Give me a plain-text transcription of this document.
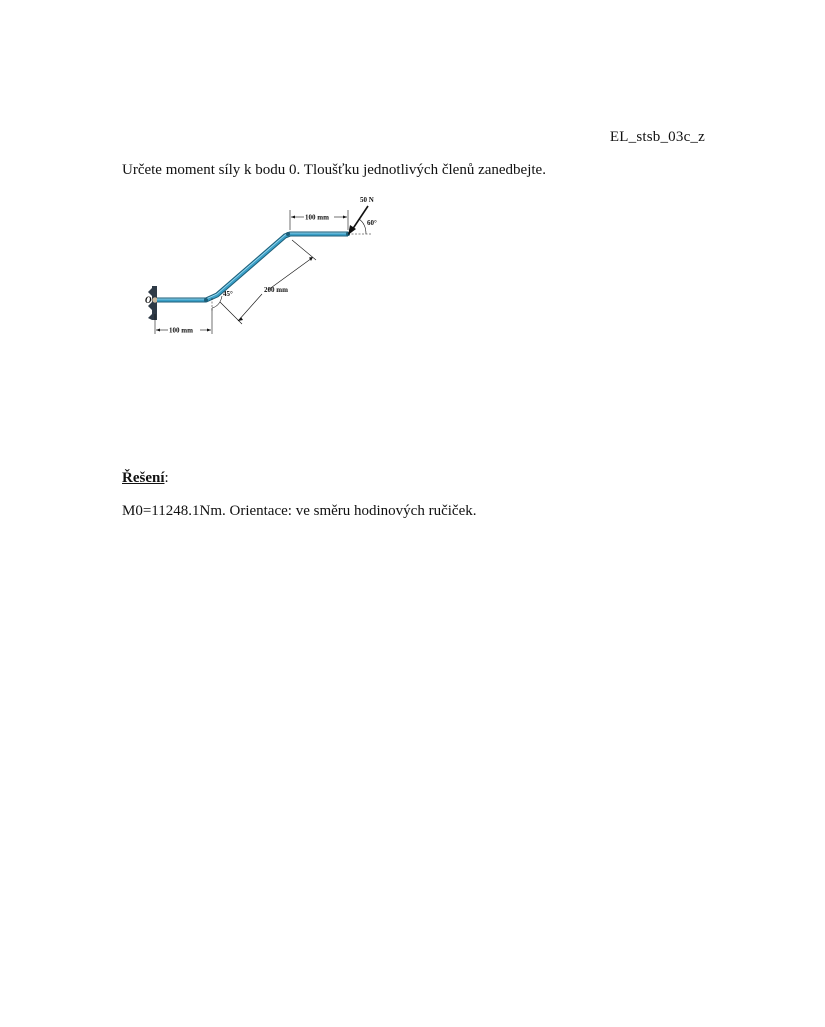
EL_stsb_03c_z
Určete moment síly k bodu 0. Tloušťku jednotlivých členů zanedbejte.
50 N
100 mm
60°
200 mm
45°
100 mm
O
Řešení:
M0=11248.1Nm. Orientace: ve směru hodinových ručiček.
